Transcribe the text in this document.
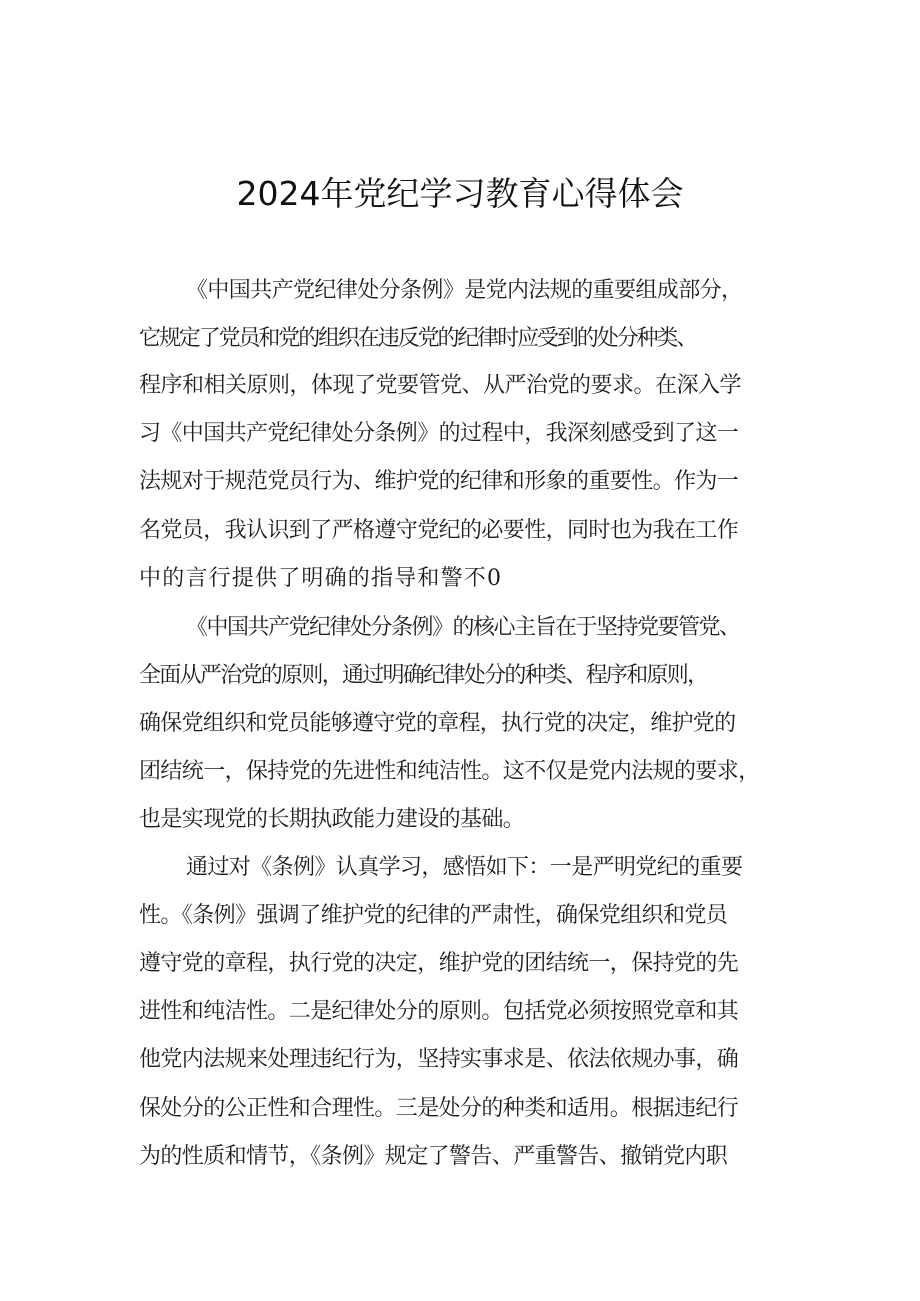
2024年党纪学习教育心得体会
《中国共产党纪律处分条例》是党内法规的重要组成部分，
它规定了党员和党的组织在违反党的纪律时应受到的处分种类、
程序和相关原则，体现了党要管党、从严治党的要求。在深入学
习《中国共产党纪律处分条例》的过程中，我深刻感受到了这一
法规对于规范党员行为、维护党的纪律和形象的重要性。作为一
名党员，我认识到了严格遵守党纪的必要性，同时也为我在工作
中的言行提供了明确的指导和警不0
《中国共产党纪律处分条例》的核心主旨在于坚持党要管党、
全面从严治党的原则，通过明确纪律处分的种类、程序和原则，
确保党组织和党员能够遵守党的章程，执行党的决定，维护党的
团结统一，保持党的先进性和纯洁性。这不仅是党内法规的要求，
也是实现党的长期执政能力建设的基础。
通过对《条例》认真学习，感悟如下：一是严明党纪的重要
性。《条例》强调了维护党的纪律的严肃性，确保党组织和党员
遵守党的章程，执行党的决定，维护党的团结统一，保持党的先
进性和纯洁性。二是纪律处分的原则。包括党必须按照党章和其
他党内法规来处理违纪行为，坚持实事求是、依法依规办事，确
保处分的公正性和合理性。三是处分的种类和适用。根据违纪行
为的性质和情节，《条例》规定了警告、严重警告、撤销党内职
